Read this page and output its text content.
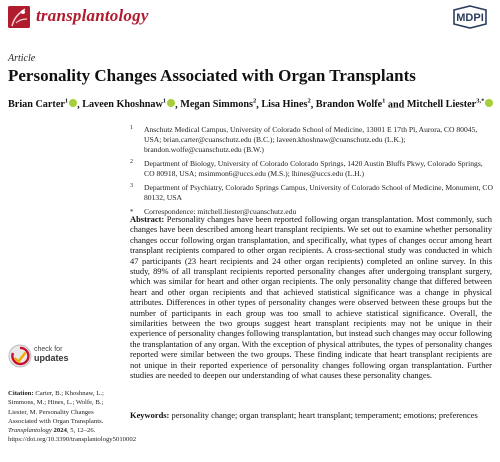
transplantology	MDPI
Article
Personality Changes Associated with Organ Transplants
Brian Carter$^1$ , Laveen Khoshnaw$^1$ , Megan Simmons$^2$, Lisa Hines$^2$, Brandon Wolfe$^1$ and Mitchell Liester$^{3,*}$
1 Anschutz Medical Campus, University of Colorado School of Medicine, 13001 E 17th Pl, Aurora, CO 80045, USA; brian.carter@cuanschutz.edu (B.C.); laveen.khoshnaw@cuanschutz.edu (L.K.); brandon.wolfe@cuanschutz.edu (B.W.)
2 Department of Biology, University of Colorado Colorado Springs, 1420 Austin Bluffs Pkwy, Colorado Springs, CO 80918, USA; msimmon6@uccs.edu (M.S.); lhines@uccs.edu (L.H.)
3 Department of Psychiatry, Colorado Springs Campus, University of Colorado School of Medicine, Monument, CO 80132, USA
* Correspondence: mitchell.liester@cuanschutz.edu
Abstract: Personality changes have been reported following organ transplantation. Most commonly, such changes have been described among heart transplant recipients. We set out to examine whether personality changes occur following organ transplantation, and specifically, what types of changes occur among heart transplant recipients compared to other organ recipients. A cross-sectional study was conducted in which 47 participants (23 heart recipients and 24 other organ recipients) completed an online survey. In this study, 89% of all transplant recipients reported personality changes after undergoing transplant surgery, which was similar for heart and other organ recipients. The only personality change that differed between heart and other organ recipients and that achieved statistical significance was a change in physical attributes. Differences in other types of personality changes were observed between these groups but the number of participants in each group was too small to achieve statistical significance. Overall, the similarities between the two groups suggest heart transplant recipients may not be unique in their experience of personality changes following transplantation, but instead such changes may occur following the transplantation of any organ. With the exception of physical attributes, the types of personality changes reported were similar between the two groups. These finding indicate that heart transplant recipients are not unique in their reported experience of personality changes following organ transplantation. Further studies are needed to deepen our understanding of what causes these personality changes.
Keywords: personality change; organ transplant; heart transplant; temperament; emotions; preferences
check for
updates
Citation: Carter, B.; Khoshnaw, L.; Simmons, M.; Hines, L.; Wolfe, B.; Liester, M. Personality Changes Associated with Organ Transplants. Transplantology 2024, 5, 12–26. https://doi.org/10.3390/transplantology5010002
